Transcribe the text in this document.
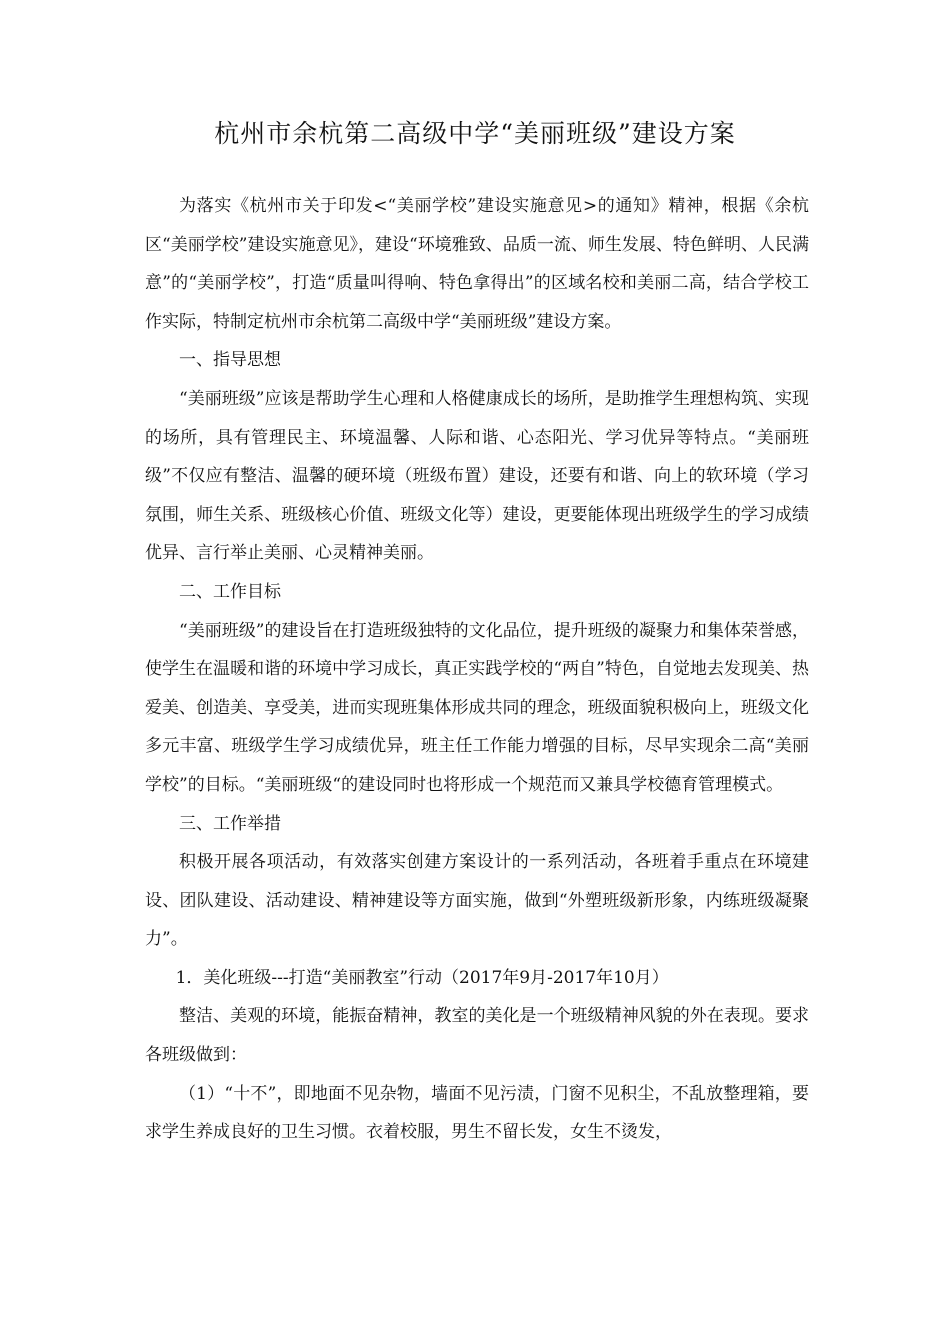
杭州市余杭第二高级中学“美丽班级”建设方案

为落实《杭州市关于印发<“美丽学校”建设实施意见>的通知》精神，根据《余杭区“美丽学校”建设实施意见》，建设“环境雅致、品质一流、师生发展、特色鲜明、人民满意”的“美丽学校”，打造“质量叫得响、特色拿得出”的区域名校和美丽二高，结合学校工作实际，特制定杭州市余杭第二高级中学“美丽班级”建设方案。

一、指导思想

“美丽班级”应该是帮助学生心理和人格健康成长的场所，是助推学生理想构筑、实现的场所，具有管理民主、环境温馨、人际和谐、心态阳光、学习优异等特点。“美丽班级”不仅应有整洁、温馨的硬环境（班级布置）建设，还要有和谐、向上的软环境（学习氛围，师生关系、班级核心价值、班级文化等）建设，更要能体现出班级学生的学习成绩优异、言行举止美丽、心灵精神美丽。

二、工作目标

“美丽班级”的建设旨在打造班级独特的文化品位，提升班级的凝聚力和集体荣誉感，使学生在温暖和谐的环境中学习成长，真正实践学校的“两自”特色，自觉地去发现美、热爱美、创造美、享受美，进而实现班集体形成共同的理念，班级面貌积极向上，班级文化多元丰富、班级学生学习成绩优异，班主任工作能力增强的目标，尽早实现余二高“美丽学校”的目标。“美丽班级“的建设同时也将形成一个规范而又兼具学校德育管理模式。

三、工作举措

积极开展各项活动，有效落实创建方案设计的一系列活动，各班着手重点在环境建设、团队建设、活动建设、精神建设等方面实施，做到“外塑班级新形象，内练班级凝聚力”。

1．美化班级---打造“美丽教室”行动（2017年9月-2017年10月）

整洁、美观的环境，能振奋精神，教室的美化是一个班级精神风貌的外在表现。要求各班级做到：

（1）“十不”，即地面不见杂物，墙面不见污渍，门窗不见积尘，不乱放整理箱，要求学生养成良好的卫生习惯。衣着校服，男生不留长发，女生不烫发，
